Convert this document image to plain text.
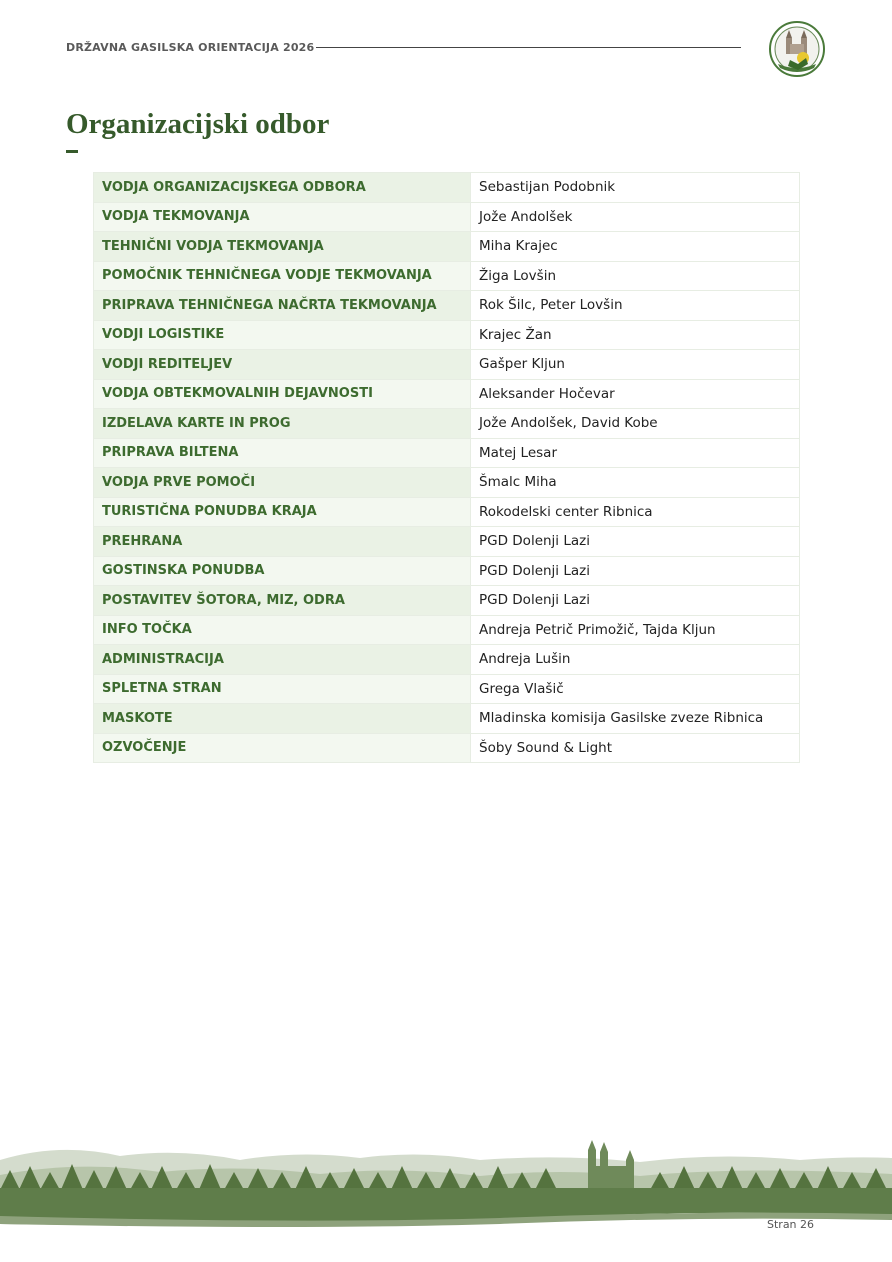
DRŽAVNA GASILSKA ORIENTACIJA 2026
Organizacijski odbor
VODJA ORGANIZACIJSKEGA ODBORA	Sebastijan Podobnik
VODJA TEKMOVANJA	Jože Andolšek
TEHNIČNI VODJA TEKMOVANJA	Miha Krajec
POMOČNIK TEHNIČNEGA VODJE TEKMOVANJA	Žiga Lovšin
PRIPRAVA TEHNIČNEGA NAČRTA TEKMOVANJA	Rok Šilc, Peter Lovšin
VODJI LOGISTIKE	Krajec Žan
VODJI REDITELJEV	Gašper Kljun
VODJA OBTEKMOVALNIH DEJAVNOSTI	Aleksander Hočevar
IZDELAVA KARTE IN PROG	Jože Andolšek, David Kobe
PRIPRAVA BILTENA	Matej Lesar
VODJA PRVE POMOČI	Šmalc Miha
TURISTIČNA PONUDBA KRAJA	Rokodelski center Ribnica
PREHRANA	PGD Dolenji Lazi
GOSTINSKA PONUDBA	PGD Dolenji Lazi
POSTAVITEV ŠOTORA, MIZ, ODRA	PGD Dolenji Lazi
INFO TOČKA	Andreja Petrič Primožič, Tajda Kljun
ADMINISTRACIJA	Andreja Lušin
SPLETNA STRAN	Grega Vlašič
MASKOTE	Mladinska komisija Gasilske zveze Ribnica
OZVOČENJE	Šoby Sound & Light
Stran 26
